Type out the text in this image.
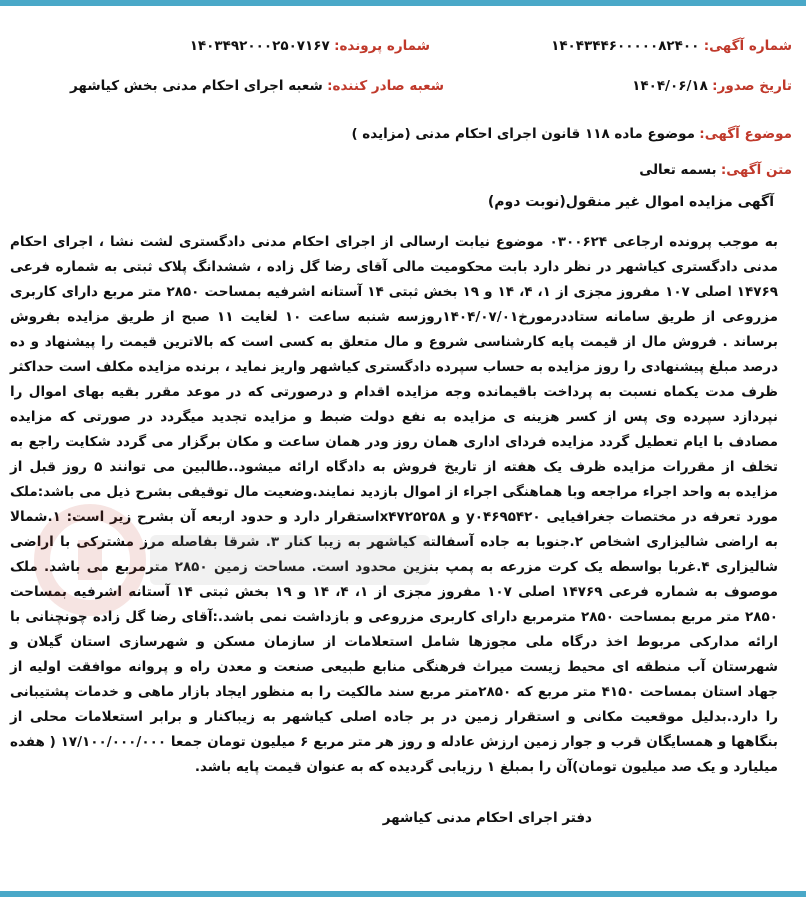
شماره آگهی: ۱۴۰۴۳۴۴۶۰۰۰۰۰۸۲۴۰۰
شماره پرونده: ۱۴۰۳۴۹۲۰۰۰۲۵۰۷۱۶۷
تاریخ صدور: ۱۴۰۴/۰۶/۱۸
شعبه صادر کننده: شعبه اجرای احکام مدنی بخش کیاشهر
موضوع آگهی: موضوع ماده ۱۱۸ قانون اجرای احکام مدنی (مزایده )
متن آگهی: بسمه تعالی
آگهی مزایده اموال غیر منقول(نوبت دوم)
به موجب پرونده ارجاعی ۰۳۰۰۶۲۴ موضوع نیابت ارسالی از اجرای احکام مدنی دادگستری لشت نشا ، اجرای احکام مدنی دادگستری کیاشهر در نظر دارد بابت محکومیت مالی آقای رضا گل زاده ، ششدانگ پلاک ثبتی به شماره فرعی ۱۴۷۶۹ اصلی ۱۰۷ مفروز مجزی از ۱، ۴، ۱۴ و ۱۹ بخش ثبتی ۱۴ آستانه اشرفیه بمساحت ۲۸۵۰ متر مربع دارای کاربری مزروعی از طریق سامانه ستاددرمورخ۱۴۰۴/۰۷/۰۱روزسه شنبه ساعت ۱۰ لغایت ۱۱ صبح از طریق مزایده بفروش برساند . فروش مال از قیمت پایه کارشناسی شروع و مال متعلق به کسی است که بالاترین قیمت را پیشنهاد و ده درصد مبلغ پیشنهادی را روز مزایده به حساب سپرده دادگستری کیاشهر واریز نماید ، برنده مزایده مکلف است حداکثر ظرف مدت یکماه نسبت به پرداخت باقیمانده وجه مزایده اقدام و درصورتی که در موعد مقرر بقیه بهای اموال را نپردازد سپرده وی پس از کسر هزینه ی مزایده به نفع دولت ضبط و مزایده تجدید میگردد در صورتی که مزایده مصادف با ایام تعطیل گردد مزایده فردای اداری همان روز ودر همان ساعت و مکان برگزار می گردد شکایت راجع به تخلف از مقررات مزایده ظرف یک هفته از تاریخ فروش به دادگاه ارائه میشود..طالبین می توانند ۵ روز قبل از مزایده به واحد اجراء مراجعه وبا هماهنگی اجراء از اموال بازدید نمایند.وضعیت مال توقیفی بشرح ذیل می باشد:ملک مورد تعرفه در مختصات جغرافیایی y۰۴۶۹۵۴۲۰ و x۴۷۲۵۲۵۸استقرار دارد و حدود اربعه آن بشرح زیر است: ۱.شمالا به اراضی شالیزاری اشخاص ۲.جنوبا به جاده آسفالته کیاشهر به زیبا کنار ۳. شرقا بفاصله مرز مشترکی با اراضی شالیزاری ۴.غربا بواسطه یک کرت مزرعه به پمپ بنزین محدود است. مساحت زمین ۲۸۵۰ مترمربع می باشد. ملک موصوف به شماره فرعی ۱۴۷۶۹ اصلی ۱۰۷ مفروز مجزی از ۱، ۴، ۱۴ و ۱۹ بخش ثبتی ۱۴ آستانه اشرفیه بمساحت ۲۸۵۰ متر مربع بمساحت ۲۸۵۰ مترمربع دارای کاربری مزروعی و بازداشت نمی باشد.:آقای رضا گل زاده چونچنانی با ارائه مدارکی مربوط اخذ درگاه ملی مجوزها شامل استعلامات از سازمان مسکن و شهرسازی استان گیلان و شهرستان آب منطقه ای محیط زیست میراث فرهنگی منابع طبیعی صنعت و معدن راه و پروانه موافقت اولیه از جهاد استان بمساحت ۴۱۵۰ متر مربع که ۲۸۵۰متر مربع سند مالکیت را به منظور ایجاد بازار ماهی و خدمات پشتیبانی را دارد.بدلیل موقعیت مکانی و استقرار زمین در بر جاده اصلی کیاشهر به زیباکنار و برابر استعلامات محلی از بنگاهها و همسایگان قرب و جوار زمین ارزش عادله و روز هر متر مربع ۶ میلیون تومان جمعا ۱۷/۱۰۰/۰۰۰/۰۰۰ ( هفده میلیارد و یک صد میلیون تومان)آن را بمبلغ ۱ رزیابی گردیده که به عنوان قیمت پایه باشد.
دفتر اجرای احکام مدنی کیاشهر
